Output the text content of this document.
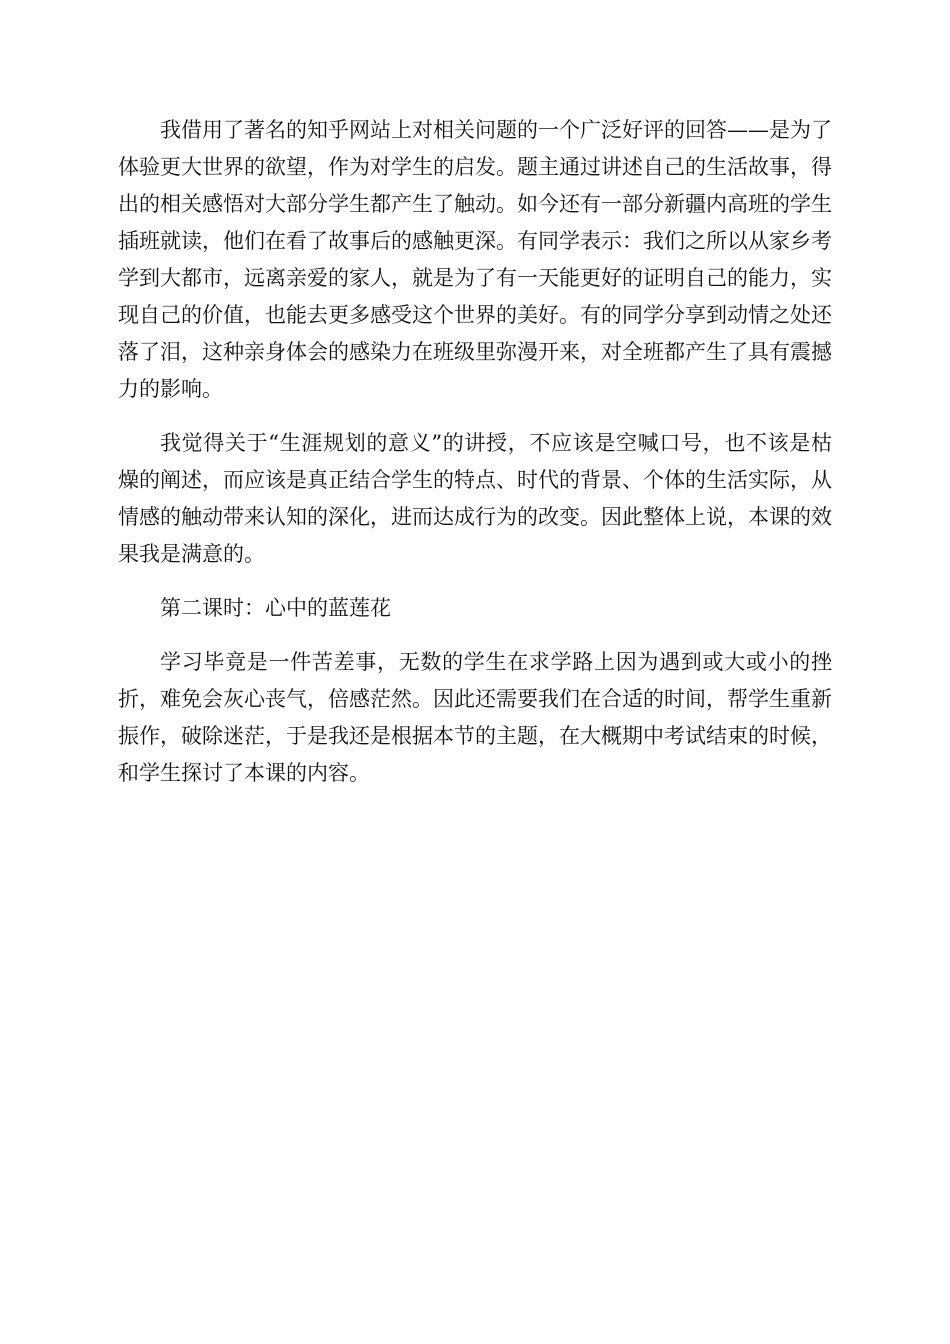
我借用了著名的知乎网站上对相关问题的一个广泛好评的回答——是为了体验更大世界的欲望，作为对学生的启发。题主通过讲述自己的生活故事，得出的相关感悟对大部分学生都产生了触动。如今还有一部分新疆内高班的学生插班就读，他们在看了故事后的感触更深。有同学表示：我们之所以从家乡考学到大都市，远离亲爱的家人，就是为了有一天能更好的证明自己的能力，实现自己的价值，也能去更多感受这个世界的美好。有的同学分享到动情之处还落了泪，这种亲身体会的感染力在班级里弥漫开来，对全班都产生了具有震撼力的影响。

我觉得关于“生涯规划的意义”的讲授，不应该是空喊口号，也不该是枯燥的阐述，而应该是真正结合学生的特点、时代的背景、个体的生活实际，从情感的触动带来认知的深化，进而达成行为的改变。因此整体上说，本课的效果我是满意的。

第二课时：心中的蓝莲花

学习毕竟是一件苦差事，无数的学生在求学路上因为遇到或大或小的挫折，难免会灰心丧气，倍感茫然。因此还需要我们在合适的时间，帮学生重新振作，破除迷茫，于是我还是根据本节的主题，在大概期中考试结束的时候，和学生探讨了本课的内容。
